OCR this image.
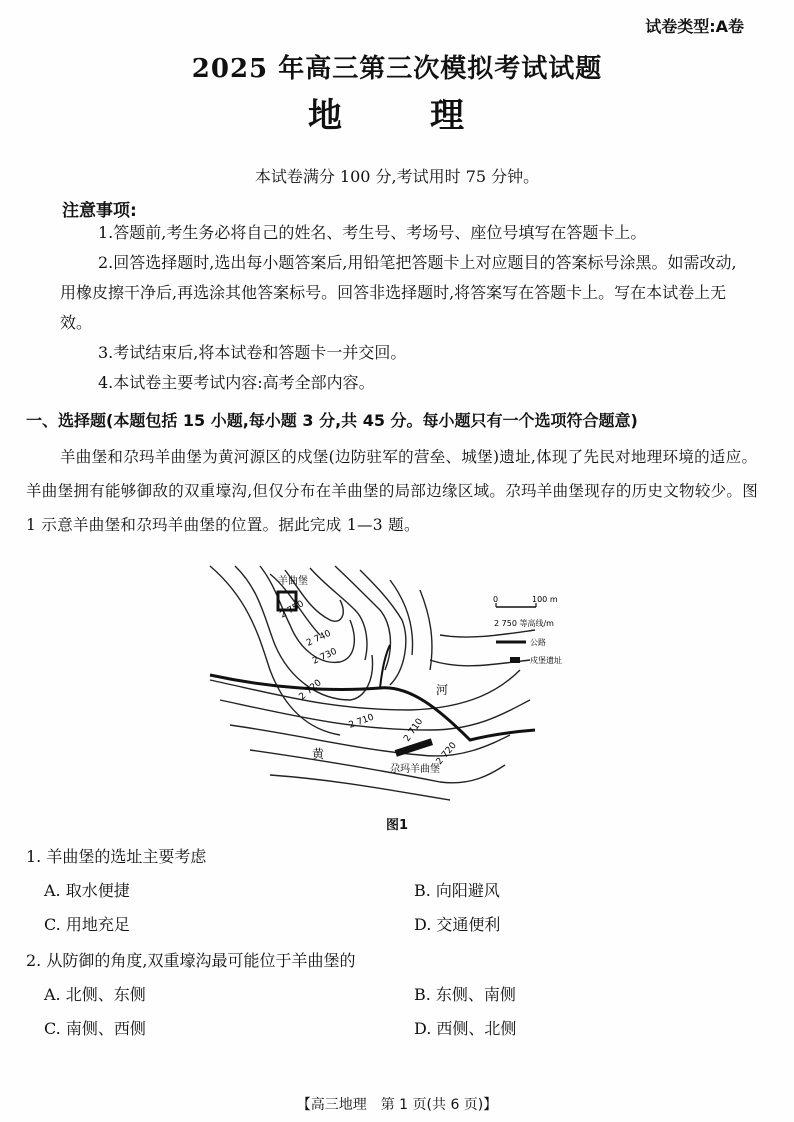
试卷类型:A卷
2025 年高三第三次模拟考试试题
地	理
本试卷满分 100 分,考试用时 75 分钟。
注意事项:
1.答题前,考生务必将自己的姓名、考生号、考场号、座位号填写在答题卡上。
2.回答选择题时,选出每小题答案后,用铅笔把答题卡上对应题目的答案标号涂黑。如需改动,用橡皮擦干净后,再选涂其他答案标号。回答非选择题时,将答案写在答题卡上。写在本试卷上无效。
3.考试结束后,将本试卷和答题卡一并交回。
4.本试卷主要考试内容:高考全部内容。
一、选择题(本题包括 15 小题,每小题 3 分,共 45 分。每小题只有一个选项符合题意)
羊曲堡和尕玛羊曲堡为黄河源区的戍堡(边防驻军的营垒、城堡)遗址,体现了先民对地理环境的适应。羊曲堡拥有能够御敌的双重壕沟,但仅分布在羊曲堡的局部边缘区域。尕玛羊曲堡现存的历史文物较少。图 1 示意羊曲堡和尕玛羊曲堡的位置。据此完成 1—3 题。
羊曲堡
尕玛羊曲堡
黄
河
2 750
2 740
2 730
2 720
2 710	2 710
2 720
0	100 m
2 750 等高线/m
公路
戍堡遗址
图1
1. 羊曲堡的选址主要考虑
A. 取水便捷	B. 向阳避风
C. 用地充足	D. 交通便利
2. 从防御的角度,双重壕沟最可能位于羊曲堡的
A. 北侧、东侧	B. 东侧、南侧
C. 南侧、西侧	D. 西侧、北侧
【高三地理　第 1 页(共 6 页)】
